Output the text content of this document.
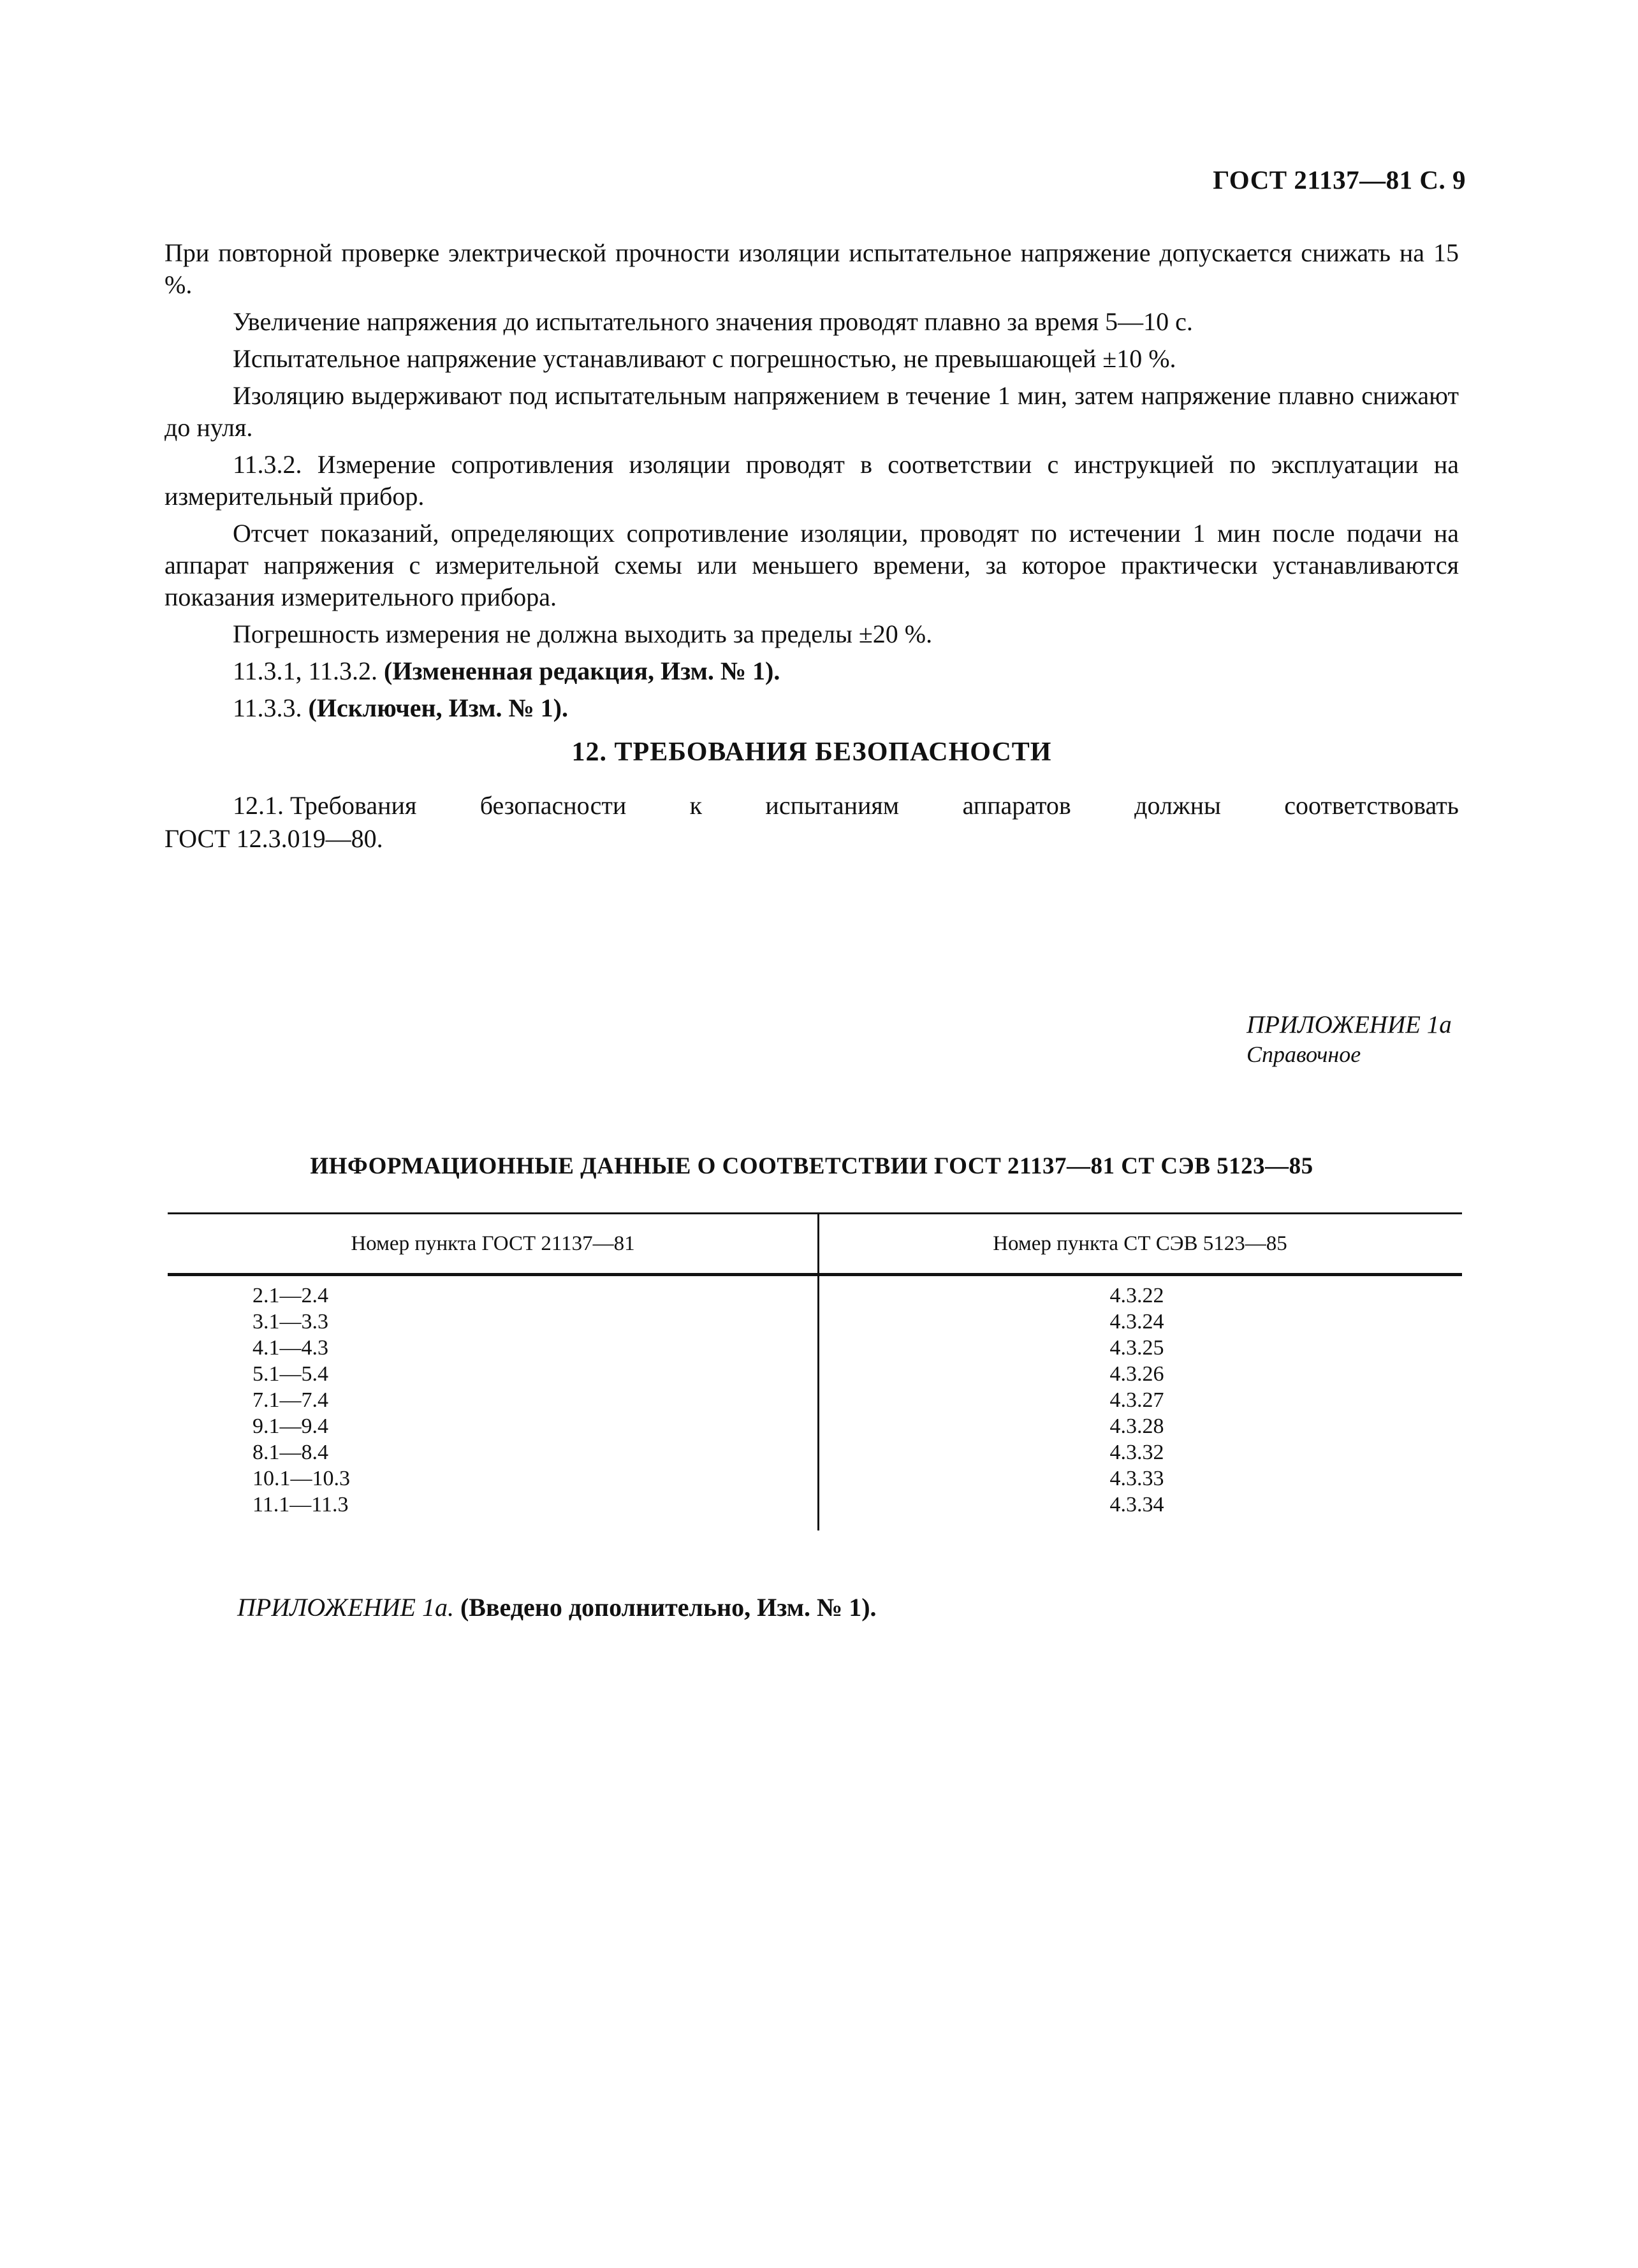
ГОСТ 21137—81 С. 9

При повторной проверке электрической прочности изоляции испытательное напряжение допускается снижать на 15 %.

Увеличение напряжения до испытательного значения проводят плавно за время 5—10 с.

Испытательное напряжение устанавливают с погрешностью, не превышающей ±10 %.

Изоляцию выдерживают под испытательным напряжением в течение 1 мин, затем напряжение плавно снижают до нуля.

11.3.2. Измерение сопротивления изоляции проводят в соответствии с инструкцией по эксплуатации на измерительный прибор.

Отсчет показаний, определяющих сопротивление изоляции, проводят по истечении 1 мин после подачи на аппарат напряжения с измерительной схемы или меньшего времени, за которое практически устанавливаются показания измерительного прибора.

Погрешность измерения не должна выходить за пределы ±20 %.

11.3.1, 11.3.2. (Измененная редакция, Изм. № 1).

11.3.3. (Исключен, Изм. № 1).

12. ТРЕБОВАНИЯ БЕЗОПАСНОСТИ
12.1. Требования безопасности к испытаниям аппаратов должны соответствовать
ГОСТ 12.3.019—80.
ПРИЛОЖЕНИЕ 1а
Справочное
ИНФОРМАЦИОННЫЕ ДАННЫЕ О СООТВЕТСТВИИ ГОСТ 21137—81 СТ СЭВ 5123—85
Номер пункта ГОСТ 21137—81	Номер пункта СТ СЭВ 5123—85
2.1—2.4
3.1—3.3
4.1—4.3
5.1—5.4
7.1—7.4
9.1—9.4
8.1—8.4
10.1—10.3
11.1—11.3
4.3.22
4.3.24
4.3.25
4.3.26
4.3.27
4.3.28
4.3.32
4.3.33
4.3.34
ПРИЛОЖЕНИЕ 1а. (Введено дополнительно, Изм. № 1).
